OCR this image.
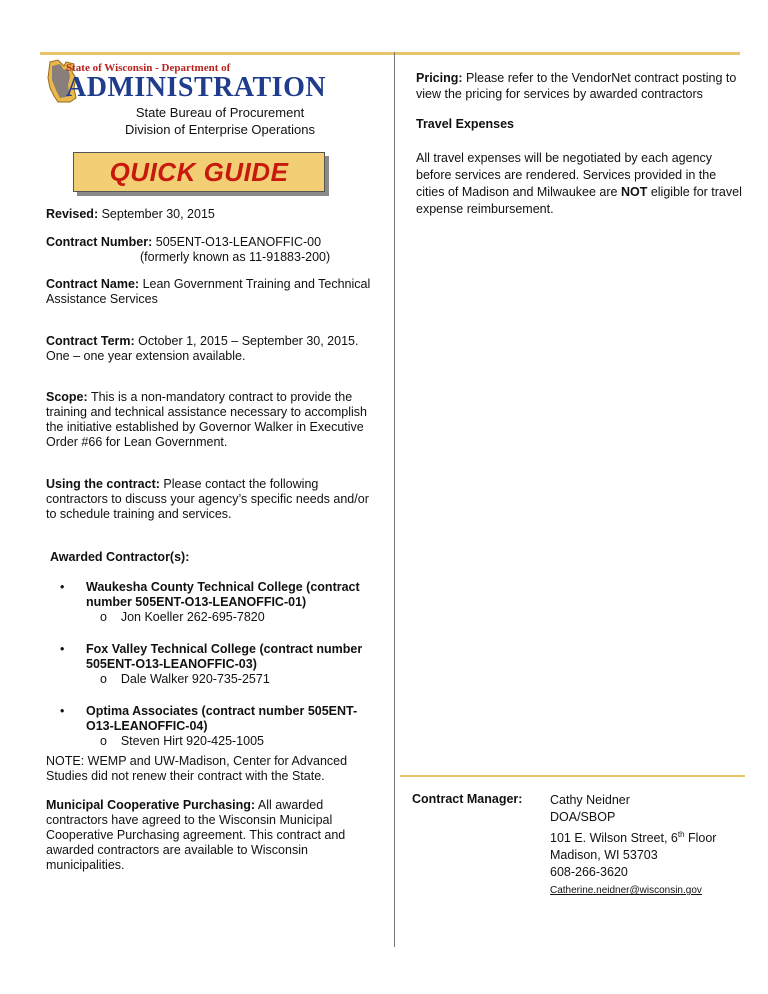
State of Wisconsin - Department of
ADMINISTRATION
State Bureau of Procurement
Division of Enterprise Operations
QUICK GUIDE
Revised: September 30, 2015
Contract Number: 505ENT-O13-LEANOFFIC-00
(formerly known as 11-91883-200)
Contract Name: Lean Government Training and Technical Assistance Services
Contract Term: October 1, 2015 – September 30, 2015. One – one year extension available.
Scope: This is a non-mandatory contract to provide the training and technical assistance necessary to accomplish the initiative established by Governor Walker in Executive Order #66 for Lean Government.
Using the contract: Please contact the following contractors to discuss your agency’s specific needs and/or to schedule training and services.
Awarded Contractor(s):
• Waukesha County Technical College (contract number 505ENT-O13-LEANOFFIC-01)
o    Jon Koeller 262-695-7820
• Fox Valley Technical College (contract number 505ENT-O13-LEANOFFIC-03)
o    Dale Walker 920-735-2571
• Optima Associates (contract number 505ENT-O13-LEANOFFIC-04)
o    Steven Hirt 920-425-1005
NOTE: WEMP and UW-Madison, Center for Advanced Studies did not renew their contract with the State.
Municipal Cooperative Purchasing: All awarded contractors have agreed to the Wisconsin Municipal Cooperative Purchasing agreement. This contract and awarded contractors are available to Wisconsin municipalities.
Pricing: Please refer to the VendorNet contract posting to view the pricing for services by awarded contractors
Travel Expenses
All travel expenses will be negotiated by each agency before services are rendered. Services provided in the cities of Madison and Milwaukee are NOT eligible for travel expense reimbursement.
Contract Manager: Cathy Neidner
DOA/SBOP
101 E. Wilson Street, 6th Floor
Madison, WI 53703
608-266-3620
Catherine.neidner@wisconsin.gov
